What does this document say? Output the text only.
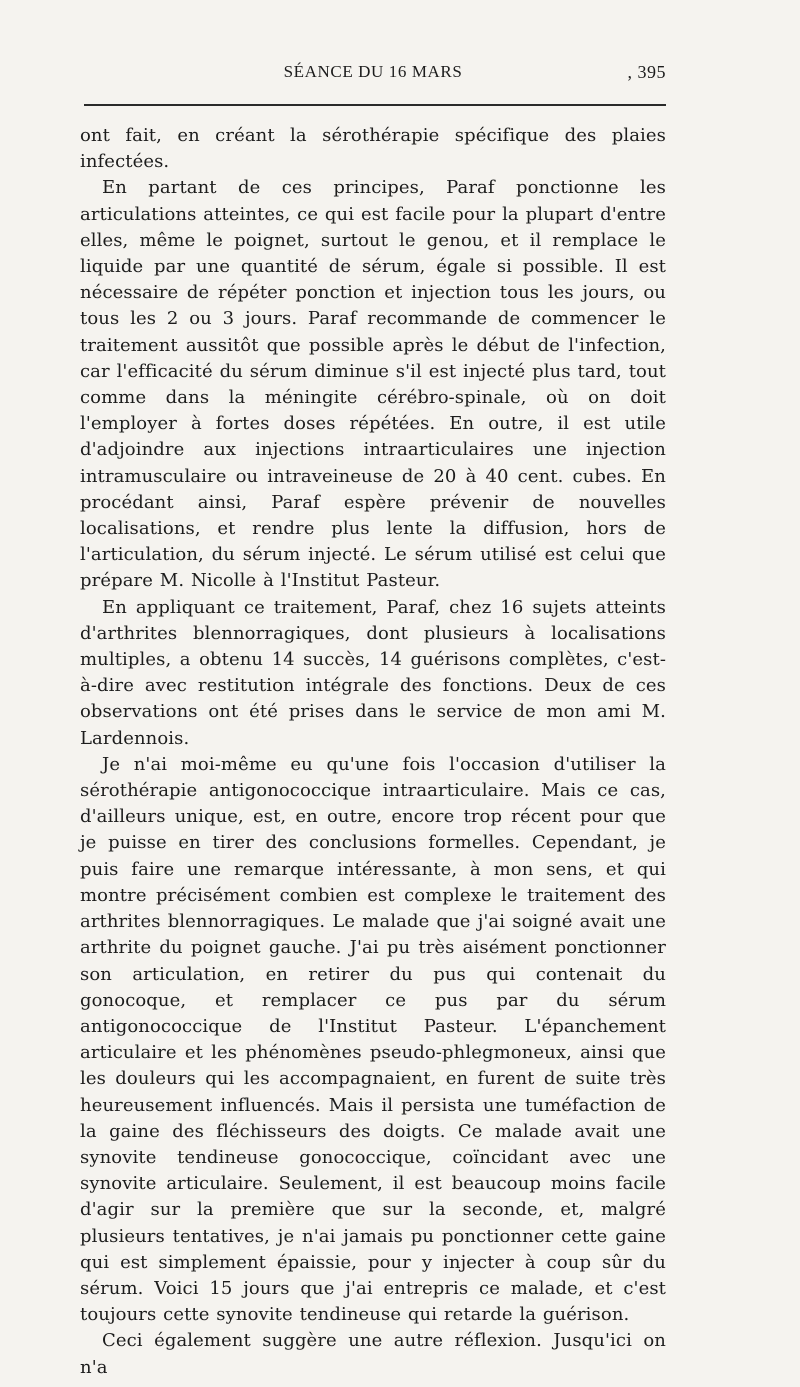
SÉANCE DU 16 MARS	, 395

ont fait, en créant la sérothérapie spécifique des plaies infectées.

En partant de ces principes, Paraf ponctionne les articulations atteintes, ce qui est facile pour la plupart d'entre elles, même le poignet, surtout le genou, et il remplace le liquide par une quantité de sérum, égale si possible. Il est nécessaire de répéter ponction et injection tous les jours, ou tous les 2 ou 3 jours. Paraf recommande de commencer le traitement aussitôt que possible après le début de l'infection, car l'efficacité du sérum diminue s'il est injecté plus tard, tout comme dans la méningite cérébro-spinale, où on doit l'employer à fortes doses répétées. En outre, il est utile d'adjoindre aux injections intraarticulaires une injection intramusculaire ou intraveineuse de 20 à 40 cent. cubes. En procédant ainsi, Paraf espère prévenir de nouvelles localisations, et rendre plus lente la diffusion, hors de l'articulation, du sérum injecté. Le sérum utilisé est celui que prépare M. Nicolle à l'Institut Pasteur.

En appliquant ce traitement, Paraf, chez 16 sujets atteints d'arthrites blennorragiques, dont plusieurs à localisations multiples, a obtenu 14 succès, 14 guérisons complètes, c'est-à-dire avec restitution intégrale des fonctions. Deux de ces observations ont été prises dans le service de mon ami M. Lardennois.

Je n'ai moi-même eu qu'une fois l'occasion d'utiliser la sérothérapie antigonococcique intraarticulaire. Mais ce cas, d'ailleurs unique, est, en outre, encore trop récent pour que je puisse en tirer des conclusions formelles. Cependant, je puis faire une remarque intéressante, à mon sens, et qui montre précisément combien est complexe le traitement des arthrites blennorragiques. Le malade que j'ai soigné avait une arthrite du poignet gauche. J'ai pu très aisément ponctionner son articulation, en retirer du pus qui contenait du gonocoque, et remplacer ce pus par du sérum antigonococcique de l'Institut Pasteur. L'épanchement articulaire et les phénomènes pseudo-phlegmoneux, ainsi que les douleurs qui les accompagnaient, en furent de suite très heureusement influencés. Mais il persista une tuméfaction de la gaine des fléchisseurs des doigts. Ce malade avait une synovite tendineuse gonococcique, coïncidant avec une synovite articulaire. Seulement, il est beaucoup moins facile d'agir sur la première que sur la seconde, et, malgré plusieurs tentatives, je n'ai jamais pu ponctionner cette gaine qui est simplement épaissie, pour y injecter à coup sûr du sérum. Voici 15 jours que j'ai entrepris ce malade, et c'est toujours cette synovite tendineuse qui retarde la guérison.

Ceci également suggère une autre réflexion. Jusqu'ici on n'a
